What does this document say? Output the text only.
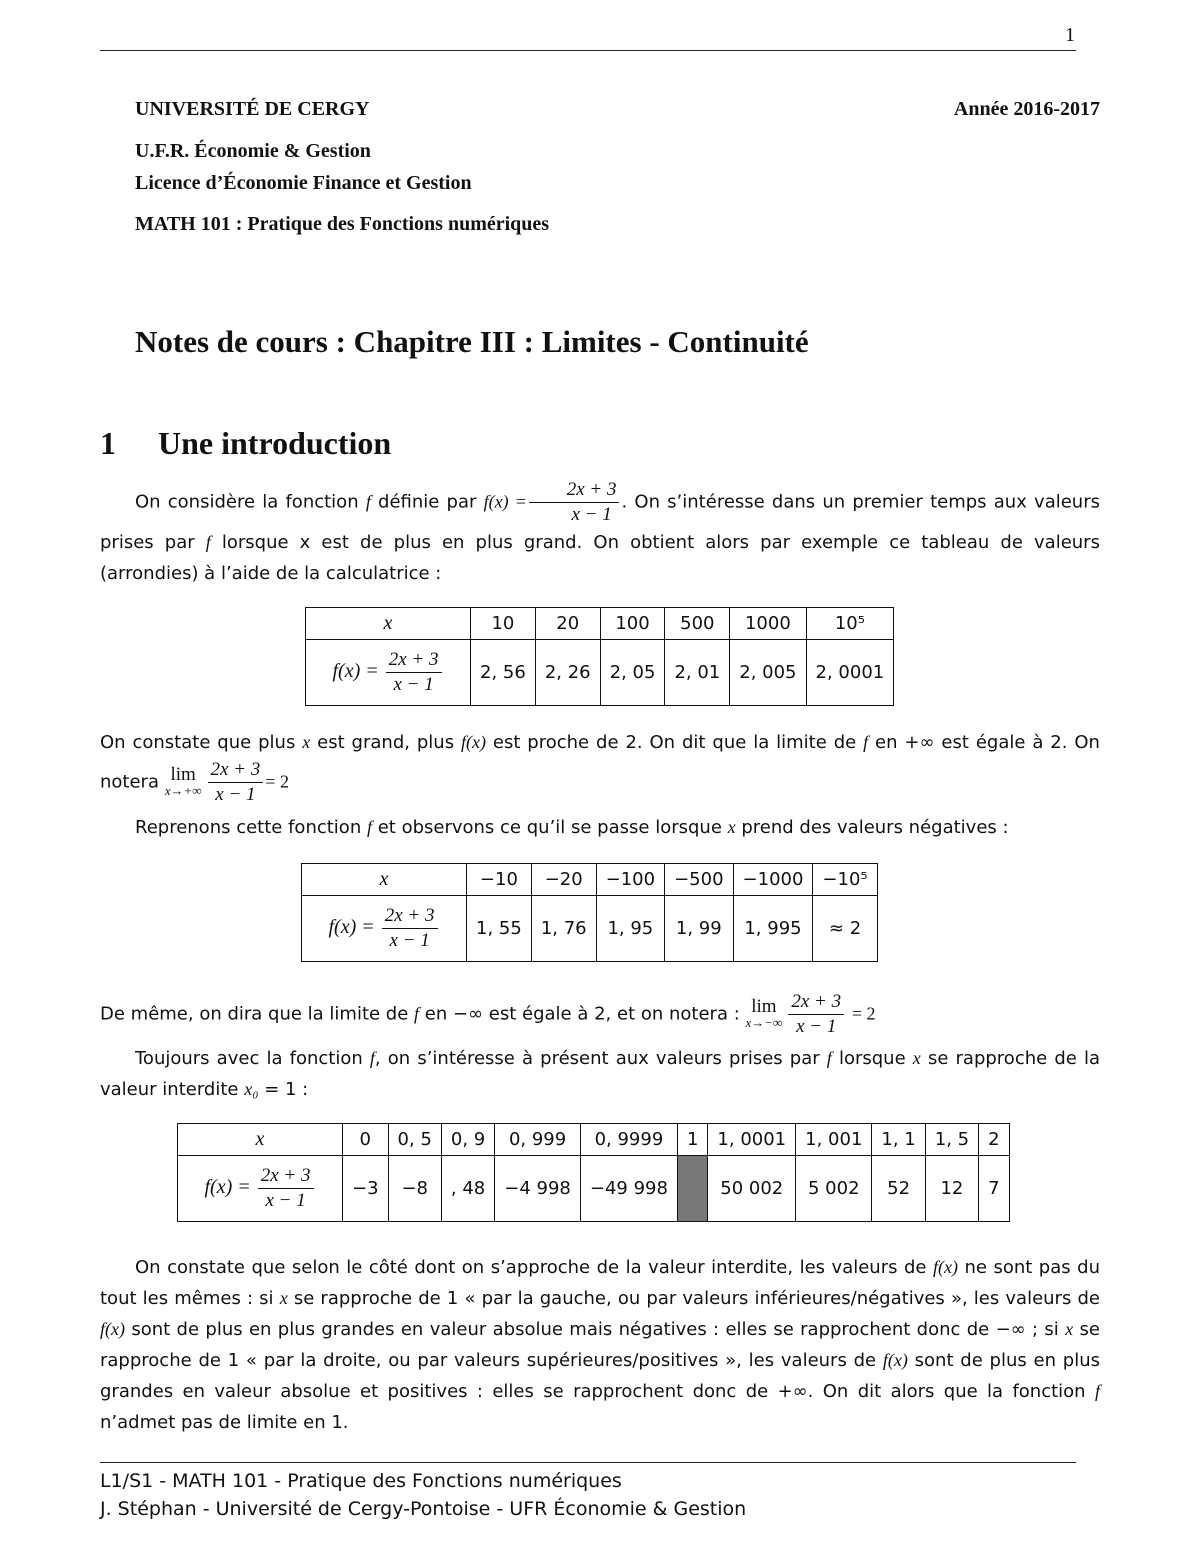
1
UNIVERSITÉ DE CERGY	Année 2016-2017
U.F.R. Économie & Gestion
Licence d’Économie Finance et Gestion
MATH 101 : Pratique des Fonctions numériques
Notes de cours : Chapitre III : Limites - Continuité
1 Une introduction
On considère la fonction f définie par $f(x) = \frac{2x + 3}{x - 1}$ . On s’intéresse dans un premier temps aux valeurs prises par f lorsque x est de plus en plus grand. On obtient alors par exemple ce tableau de valeurs (arrondies) à l’aide de la calculatrice :
x	10	20	100	500	1000	10⁵
$f(x) = \frac{2x + 3}{x - 1}$	2, 56	2, 26	2, 05	2, 01	2, 005	2, 0001
On constate que plus x est grand, plus f(x) est proche de 2. On dit que la limite de f en +∞ est égale à 2. On notera lim
$x\to+\infty \frac{2x + 3}{x - 1} = 2$
Reprenons cette fonction f et observons ce qu’il se passe lorsque x prend des valeurs négatives :
x	−10	−20	−100	−500	−1000	−10⁵
$f(x) = \frac{2x + 3}{x - 1}$	1, 55	1, 76	1, 95	1, 99	1, 995	≈ 2
De même, on dira que la limite de f en −∞ est égale à 2, et on notera : lim
$x\to-\infty \frac{2x + 3}{x - 1} = 2$
Toujours avec la fonction f, on s’intéresse à présent aux valeurs prises par f lorsque x se rapproche de la valeur interdite x₀ = 1 :
x	0	0, 5	0, 9	0, 999	0, 9999	1	1, 0001	1, 001	1, 1	1, 5	2
$f(x) = \frac{2x + 3}{x - 1}$	−3	−8	, 48	−4 998	−49 998		50 002	5 002	52	12	7
On constate que selon le côté dont on s’approche de la valeur interdite, les valeurs de f(x) ne sont pas du tout les mêmes : si x se rapproche de 1 « par la gauche, ou par valeurs inférieures/négatives », les valeurs de f(x) sont de plus en plus grandes en valeur absolue mais négatives : elles se rapprochent donc de −∞ ; si x se rapproche de 1 « par la droite, ou par valeurs supérieures/positives », les valeurs de f(x) sont de plus en plus grandes en valeur absolue et positives : elles se rapprochent donc de +∞. On dit alors que la fonction f n’admet pas de limite en 1.
L1/S1 - MATH 101 - Pratique des Fonctions numériques
J. Stéphan - Université de Cergy-Pontoise - UFR Économie & Gestion
